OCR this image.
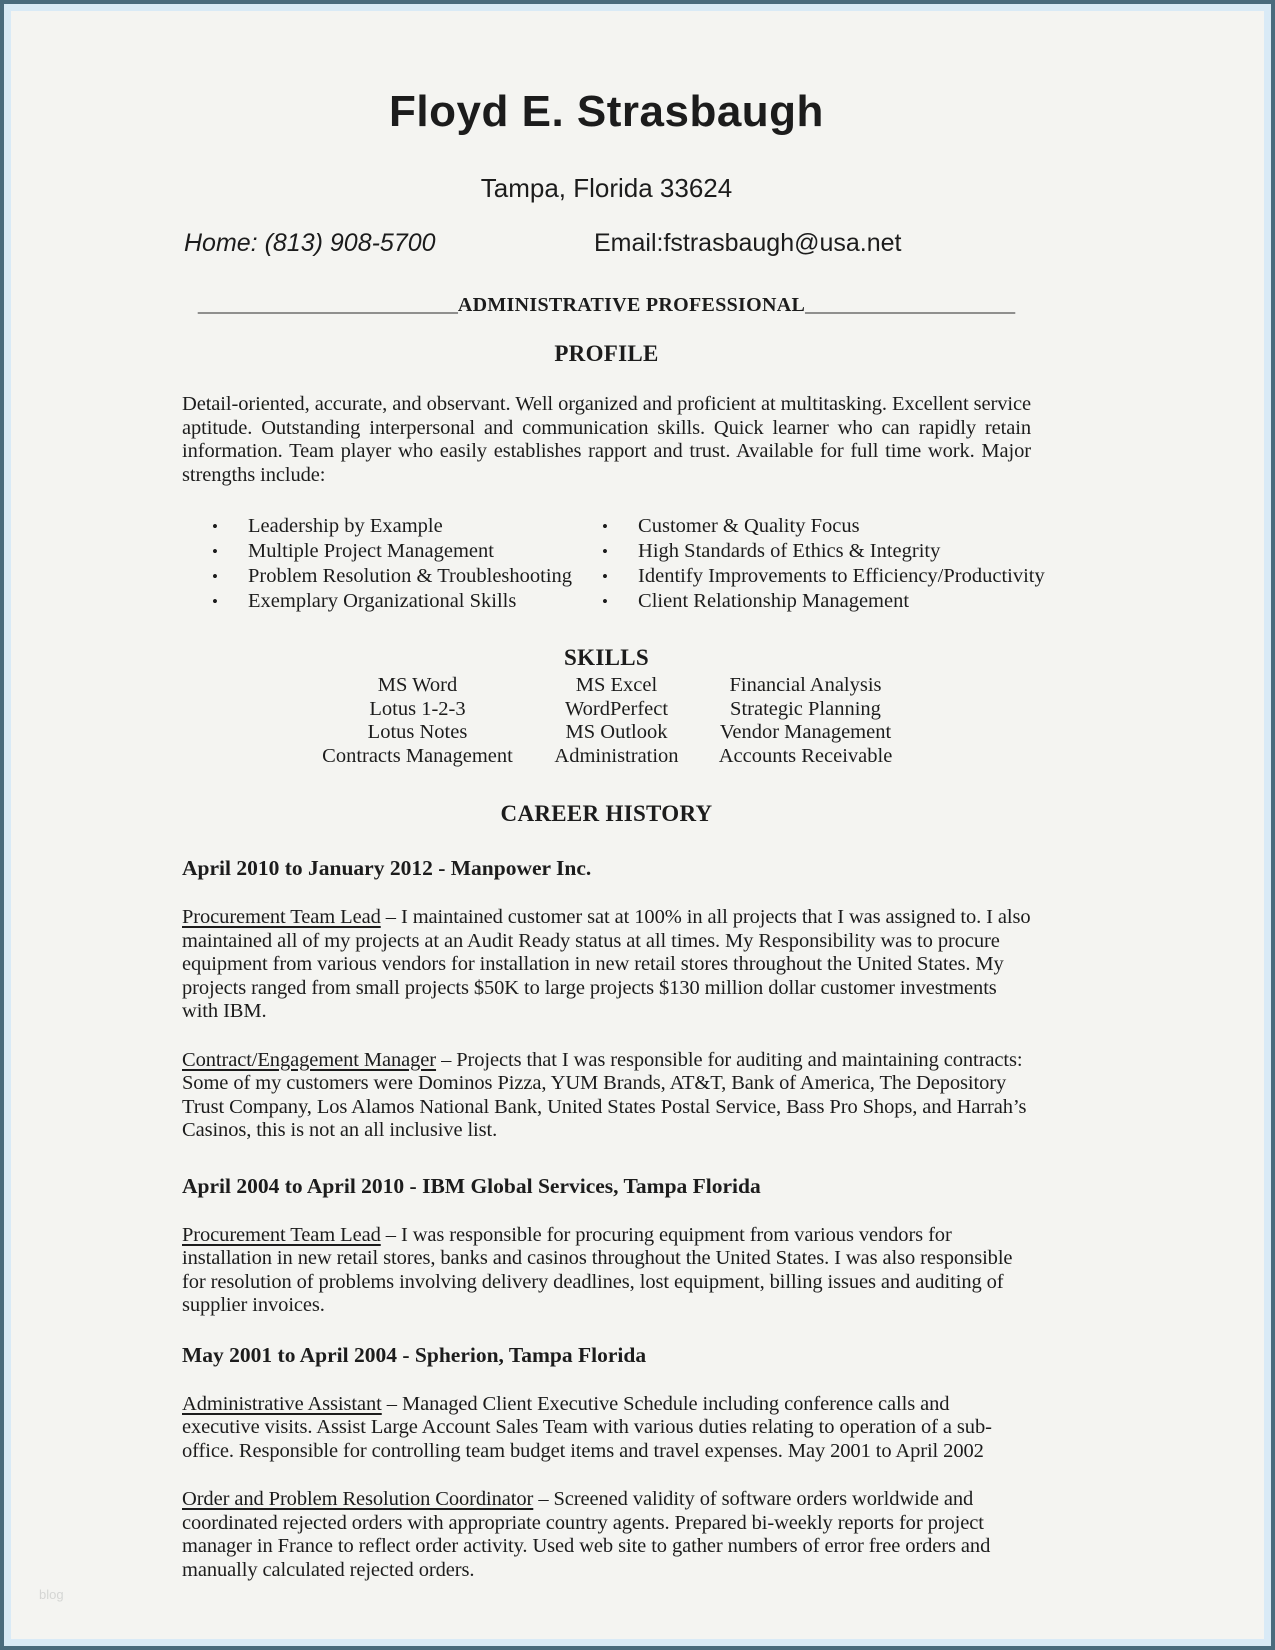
blog
Floyd E. Strasbaugh
Tampa, Florida 33624
Home: (813) 908-5700	Email:fstrasbaugh@usa.net
__________________________ADMINISTRATIVE PROFESSIONAL_____________________
PROFILE

Detail-oriented, accurate, and observant. Well organized and proficient at multitasking. Excellent service aptitude. Outstanding interpersonal and communication skills. Quick learner who can rapidly retain information. Team player who easily establishes rapport and trust. Available for full time work. Major strengths include:

•	Leadership by Example
•	Multiple Project Management
•	Problem Resolution & Troubleshooting
•	Exemplary Organizational Skills
•	Customer & Quality Focus
•	High Standards of Ethics & Integrity
•	Identify Improvements to Efficiency/Productivity
•	Client Relationship Management
SKILLS
MS Word	MS Excel	Financial Analysis
Lotus 1-2-3	WordPerfect	Strategic Planning
Lotus Notes	MS Outlook	Vendor Management
Contracts Management	Administration	Accounts Receivable
CAREER HISTORY
April 2010 to January 2012 - Manpower Inc.

Procurement Team Lead – I maintained customer sat at 100% in all projects that I was assigned to. I also maintained all of my projects at an Audit Ready status at all times. My Responsibility was to procure equipment from various vendors for installation in new retail stores throughout the United States. My projects ranged from small projects $50K to large projects $130 million dollar customer investments with IBM.

Contract/Engagement Manager – Projects that I was responsible for auditing and maintaining contracts: Some of my customers were Dominos Pizza, YUM Brands, AT&T, Bank of America, The Depository Trust Company, Los Alamos National Bank, United States Postal Service, Bass Pro Shops, and Harrah’s Casinos, this is not an all inclusive list.

April 2004 to April 2010 - IBM Global Services, Tampa Florida

Procurement Team Lead – I was responsible for procuring equipment from various vendors for installation in new retail stores, banks and casinos throughout the United States. I was also responsible for resolution of problems involving delivery deadlines, lost equipment, billing issues and auditing of supplier invoices.

May 2001 to April 2004 - Spherion, Tampa Florida

Administrative Assistant – Managed Client Executive Schedule including conference calls and executive visits. Assist Large Account Sales Team with various duties relating to operation of a sub-office. Responsible for controlling team budget items and travel expenses. May 2001 to April 2002

Order and Problem Resolution Coordinator – Screened validity of software orders worldwide and coordinated rejected orders with appropriate country agents. Prepared bi-weekly reports for project manager in France to reflect order activity. Used web site to gather numbers of error free orders and manually calculated rejected orders.
